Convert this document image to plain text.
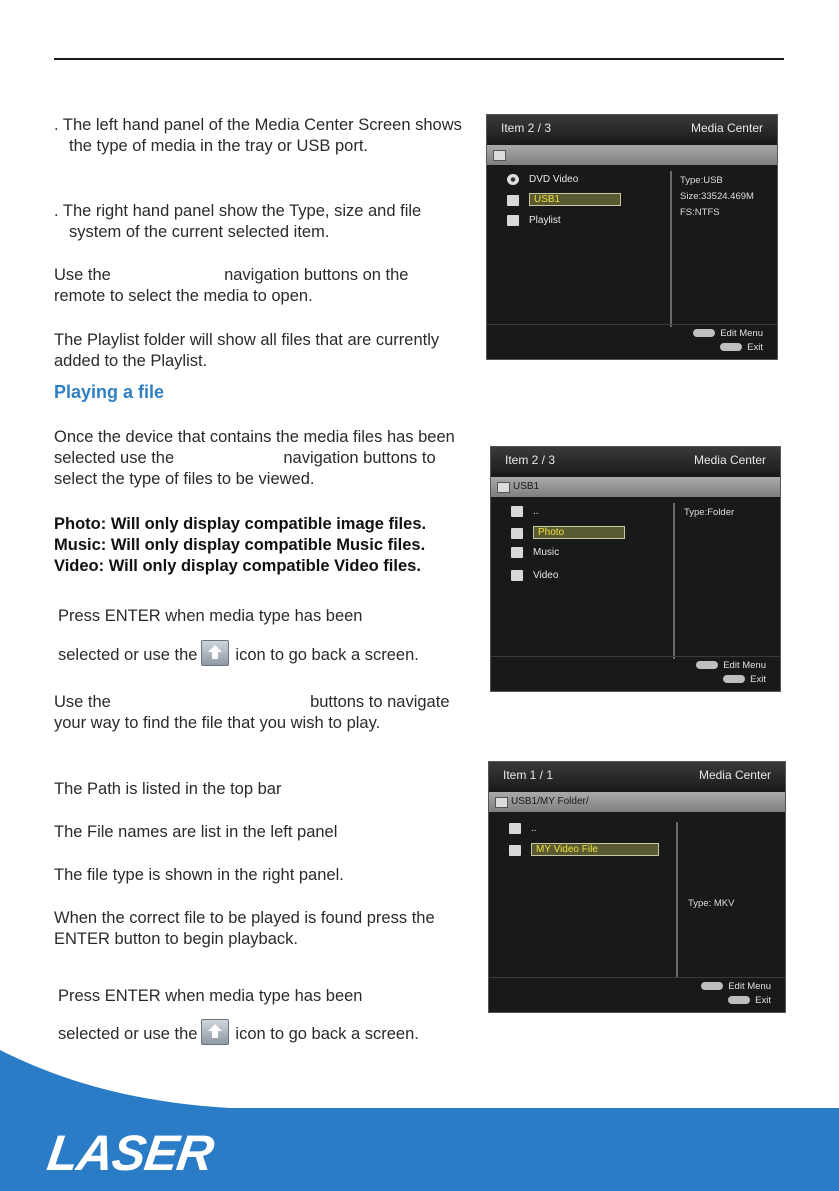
. The left hand panel of the Media Center Screen shows the type of media in the tray or USB port.
. The right hand panel show the Type, size and file system of the current selected item.
Use the	navigation buttons on the remote to select the media to open.
The Playlist folder will show all files that are currently added to the Playlist.
Playing a file
Once the device that contains the media files has been selected use the	navigation buttons to select the type of files to be viewed.
Photo: Will only display compatible image files.
Music: Will only display compatible Music files.
Video: Will only display compatible Video files.
Press ENTER when media type has been
selected or use the icon to go back a screen.
Use the	buttons to navigate your way to find the file that you wish to play.
The Path is listed in the top bar
The File names are list in the left panel
The file type is shown in the right panel.
When the correct file to be played is found press the ENTER button to begin playback.
Press ENTER when media type has been
selected or use the icon to go back a screen.
Item 2 / 3	Media Center
DVD Video
USB1
Playlist
Type:USB
Size:33524.469M
FS:NTFS
Edit Menu
Exit
Item 2 / 3	Media Center
USB1
..
Photo
Music
Video
Type:Folder
Edit Menu
Exit
Item 1 / 1	Media Center
USB1/MY Folder/
..
MY Video File
Type: MKV
Edit Menu
Exit
LASER
